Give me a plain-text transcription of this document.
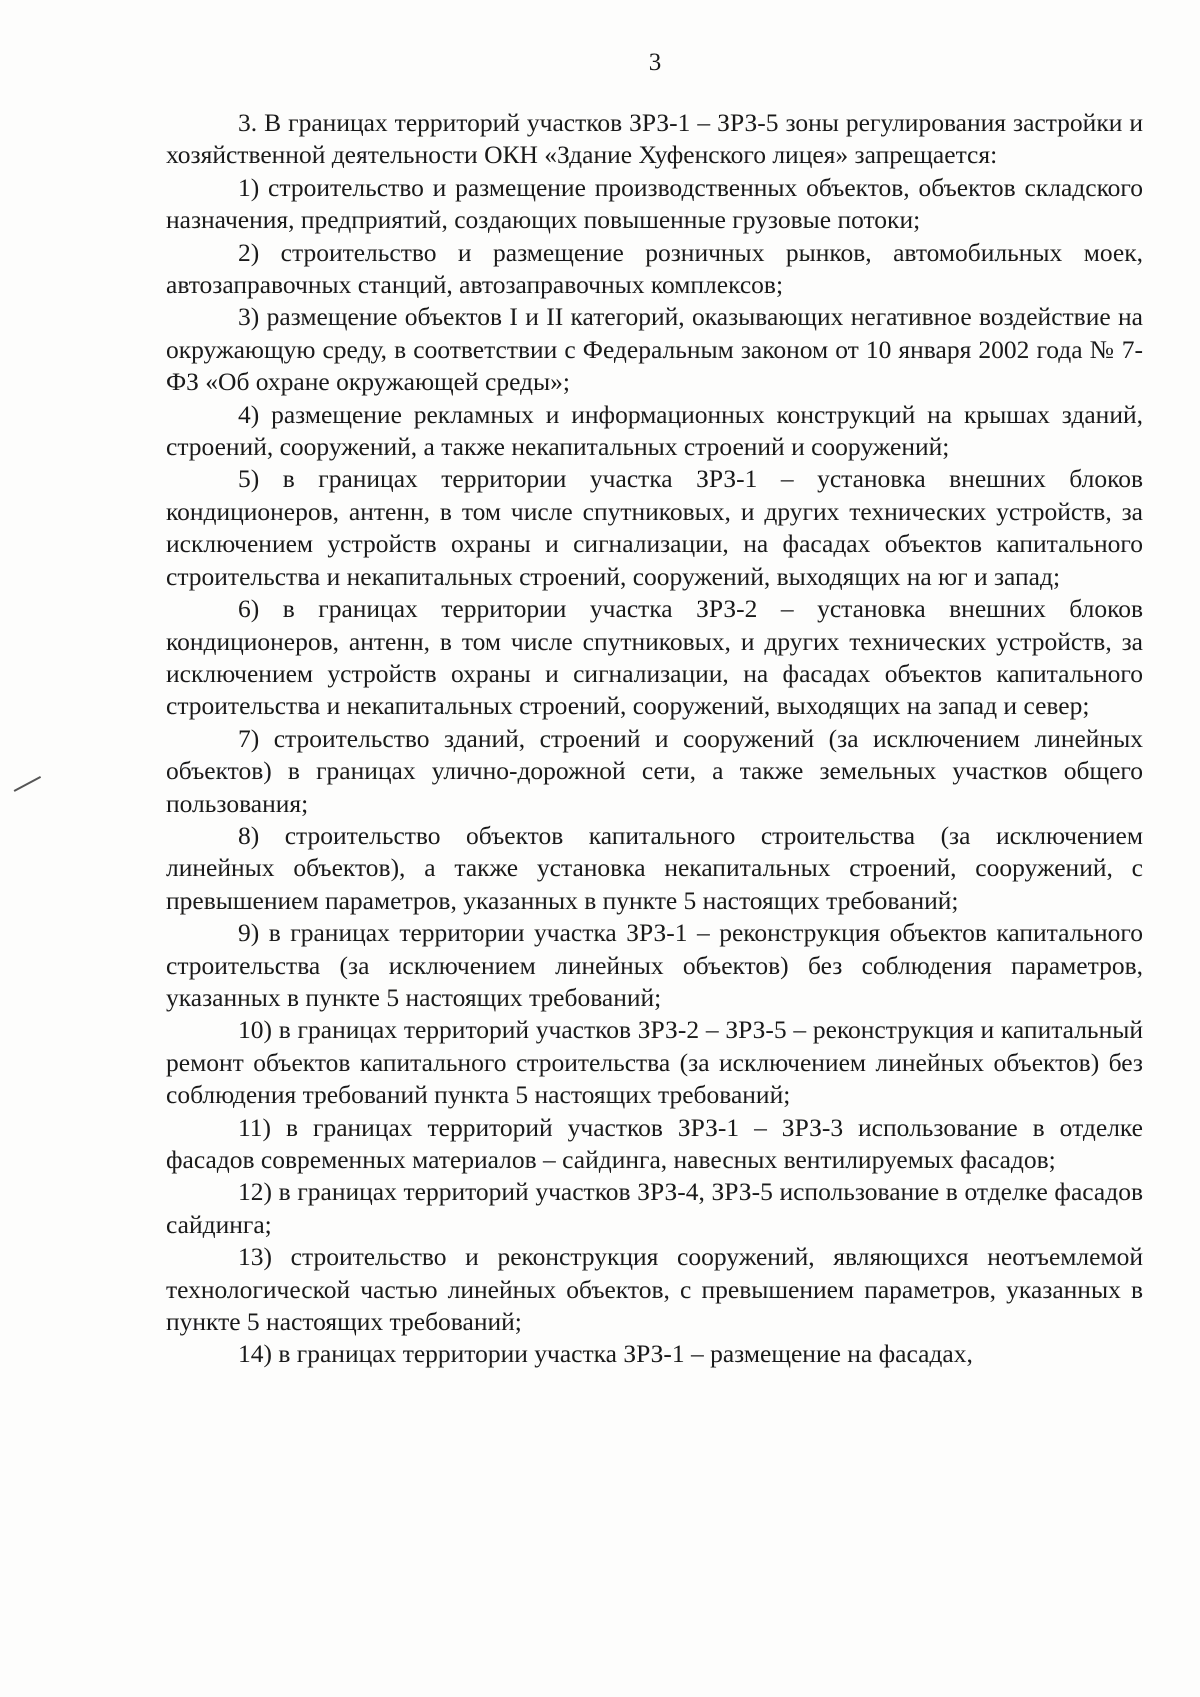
3

3. В границах территорий участков ЗРЗ-1 – ЗРЗ-5 зоны регулирования застройки и хозяйственной деятельности ОКН «Здание Хуфенского лицея» запрещается:

1) строительство и размещение производственных объектов, объектов складского назначения, предприятий, создающих повышенные грузовые потоки;

2) строительство и размещение розничных рынков, автомобильных моек, автозаправочных станций, автозаправочных комплексов;

3) размещение объектов I и II категорий, оказывающих негативное воздействие на окружающую среду, в соответствии с Федеральным законом от 10 января 2002 года № 7-ФЗ «Об охране окружающей среды»;

4) размещение рекламных и информационных конструкций на крышах зданий, строений, сооружений, а также некапитальных строений и сооружений;

5) в границах территории участка ЗРЗ-1 – установка внешних блоков кондиционеров, антенн, в том числе спутниковых, и других технических устройств, за исключением устройств охраны и сигнализации, на фасадах объектов капитального строительства и некапитальных строений, сооружений, выходящих на юг и запад;

6) в границах территории участка ЗРЗ-2 – установка внешних блоков кондиционеров, антенн, в том числе спутниковых, и других технических устройств, за исключением устройств охраны и сигнализации, на фасадах объектов капитального строительства и некапитальных строений, сооружений, выходящих на запад и север;

7) строительство зданий, строений и сооружений (за исключением линейных объектов) в границах улично-дорожной сети, а также земельных участков общего пользования;

8) строительство объектов капитального строительства (за исключением линейных объектов), а также установка некапитальных строений, сооружений, с превышением параметров, указанных в пункте 5 настоящих требований;

9) в границах территории участка ЗРЗ-1 – реконструкция объектов капитального строительства (за исключением линейных объектов) без соблюдения параметров, указанных в пункте 5 настоящих требований;

10) в границах территорий участков ЗРЗ-2 – ЗРЗ-5 – реконструкция и капитальный ремонт объектов капитального строительства (за исключением линейных объектов) без соблюдения требований пункта 5 настоящих требований;

11) в границах территорий участков ЗРЗ-1 – ЗРЗ-3 использование в отделке фасадов современных материалов – сайдинга, навесных вентилируемых фасадов;

12) в границах территорий участков ЗРЗ-4, ЗРЗ-5 использование в отделке фасадов сайдинга;

13) строительство и реконструкция сооружений, являющихся неотъемлемой технологической частью линейных объектов, с превышением параметров, указанных в пункте 5 настоящих требований;

14) в границах территории участка ЗРЗ-1 – размещение на фасадах,
